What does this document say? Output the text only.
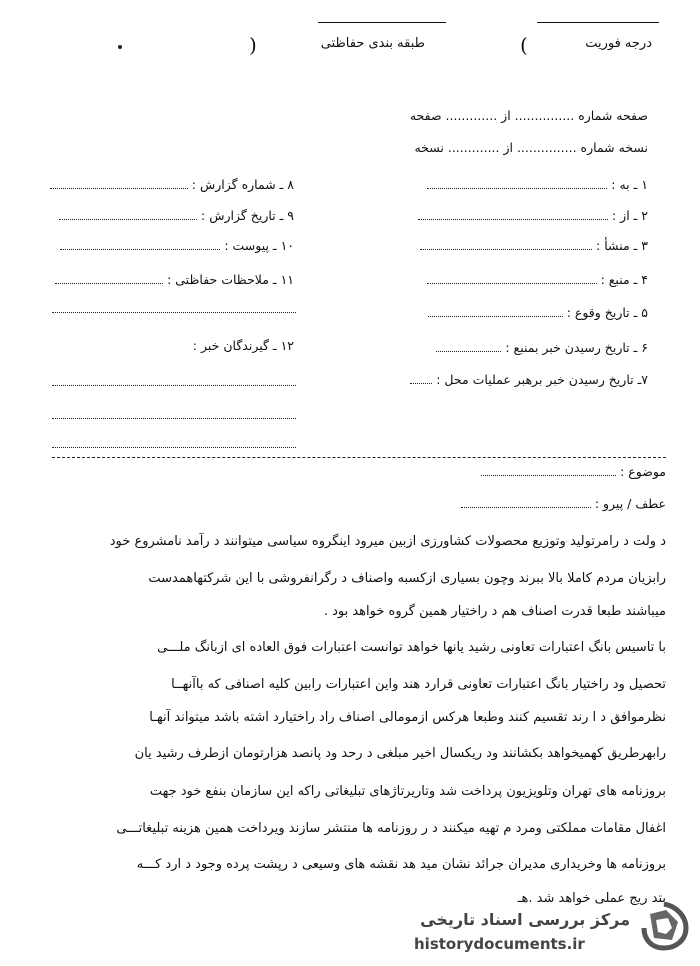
درجه فوریت
(
طبقه بندی حفاظتی
)
صفحه شماره ............... از ............. صفحه
نسخه شماره ............... از ............. نسخه
۱ ـ به :
۲ ـ از :
۳ ـ منشأ :
۴ ـ منبع :
۵ ـ تاریخ وقوع :
۶ ـ تاریخ رسیدن خبر بمنبع :
۷ـ تاریخ رسیدن خبر برهبر عملیات محل :
۸ ـ شماره گزارش :
۹ ـ تاریخ گزارش :
۱۰ ـ پیوست :
۱۱ ـ ملاحظات حفاظتی :
۱۲ ـ گیرندگان خبر :
موضوع :
عطف / پیرو :
د ولت د رامرتولید وتوزیع محصولات کشاورزی ازبین میرود اینگروه سیاسی میتوانند د رآمد نامشروع خود
رابزیان مردم کاملا بالا ببرند وچون بسیاری ازکسبه واصناف د رگرانفروشی با این شرکتهاهمدست
میباشند طبعا قدرت اصناف هم د راختیار همین گروه خواهد بود .
با تاسیس بانگ اعتبارات تعاونی رشید یانها خواهد توانست اعتبارات فوق العاده ای ازبانگ ملـــی
تحصیل ود راختیار بانگ اعتبارات تعاونی قرارد هند واین اعتبارات رابین کلیه اصنافی که باآنهــا
نظرموافق د ا رند تقسیم کنند وطبعا هرکس ازمومالی اصناف راد راختیارد اشته باشد میتواند آنهـا
رابهرطریق کهمیخواهد بکشانند ود ریکسال اخیر مبلغی د رحد ود پانصد هزارتومان ازطرف رشید یان
بروزنامه های تهران وتلویزیون پرداخت شد وتاریرتاژهای تبلیغاتی راکه این سازمان بنفع خود جهت
اغفال مقامات مملکتی ومرد م تهیه میکنند د ر روزنامه ها منتشر سازند ویرداخت همین هزینه تبلیغاتـــی
بروزنامه ها وخریداری مدیران جرائد نشان مید هد نقشه های وسیعی د رپشت پرده وجود د ارد کـــه
بتد ریج عملی خواهد شد .هـ
مرکز بررسی اسناد تاریخی
historydocuments.ir
